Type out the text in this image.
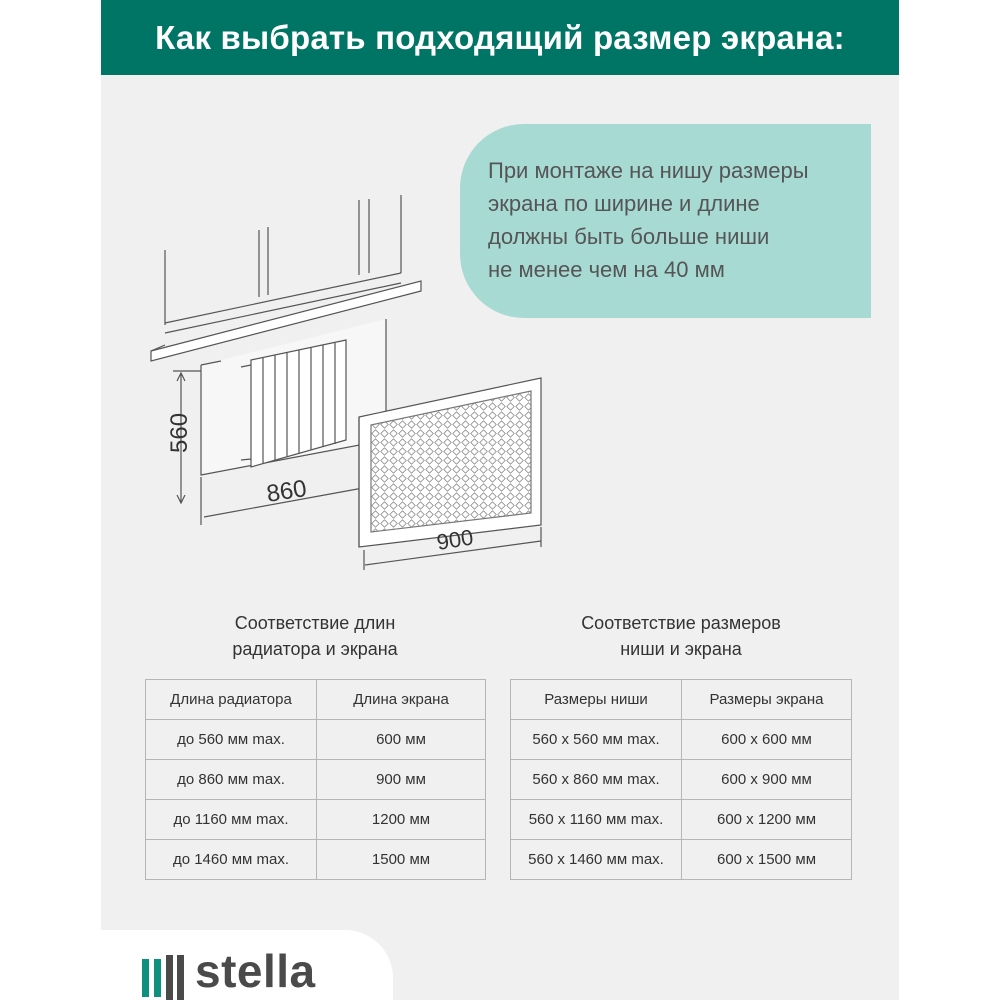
Как выбрать подходящий размер экрана:
При монтаже на нишу размеры
экрана по ширине и длине
должны быть больше ниши
не менее чем на 40 мм
560
860
900
Соответствие длин
радиатора и экрана
Соответствие размеров
ниши и экрана
Длина радиатора	Длина экрана
до 560 мм max.	600 мм
до 860 мм max.	900 мм
до 1160 мм max.	1200 мм
до 1460 мм max.	1500 мм
Размеры ниши	Размеры экрана
560 х 560 мм max.	600 х 600 мм
560 х 860 мм max.	600 х 900 мм
560 х 1160 мм max.	600 х 1200 мм
560 х 1460 мм max.	600 х 1500 мм
stella
